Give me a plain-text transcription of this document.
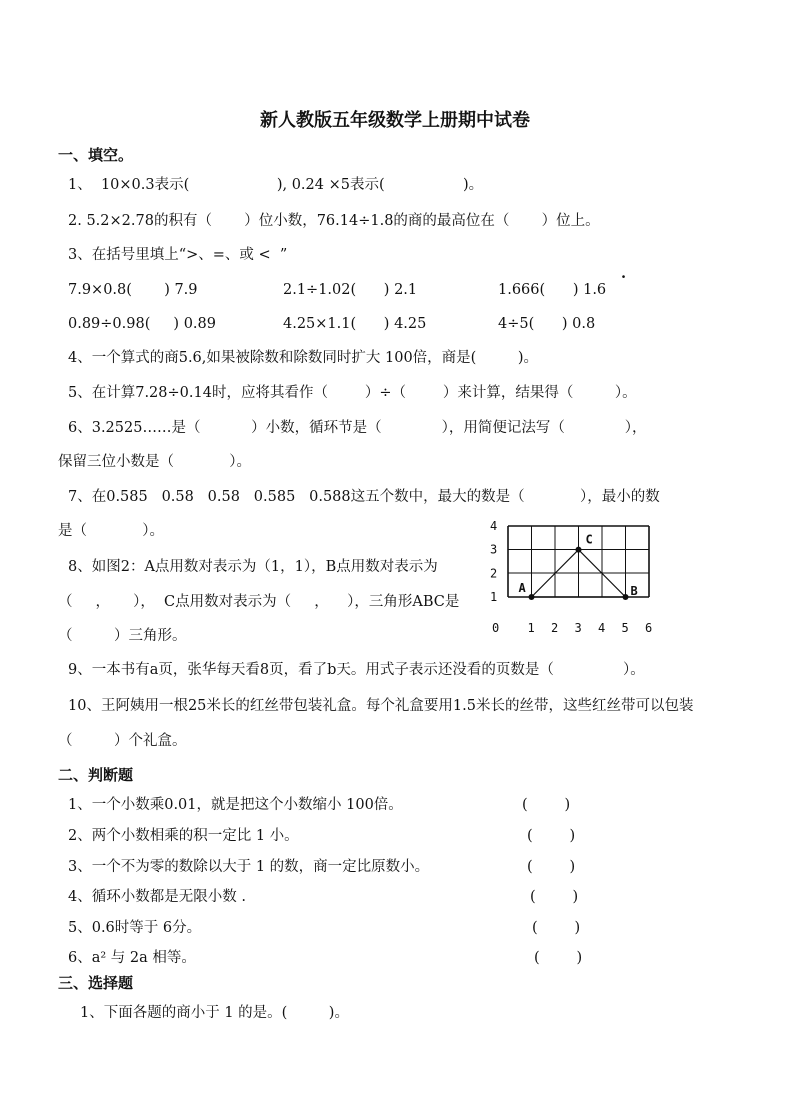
新人教版五年级数学上册期中试卷
一、填空。
1、  10×0.3表示(                   ), 0.24 ×5表示(                 )。
2. 5.2×2.78的积有（       ）位小数，76.14÷1.8的商的最高位在（       ）位上。
3、在括号里填上“>、=、或 <  ”
7.9×0.8(       ) 7.9	2.1÷1.02(      ) 2.1	1.666(      ) 1.6
·
0.89÷0.98(     ) 0.89	4.25×1.1(      ) 4.25	4÷5(      ) 0.8
4、一个算式的商5.6,如果被除数和除数同时扩大 100倍，商是(         )。
5、在计算7.28÷0.14时，应将其看作（        ）÷（        ）来计算，结果得（         ）。
6、3.2525……是（           ）小数，循环节是（             ），用简便记法写（             ），
保留三位小数是（            ）。
7、在0.585   0.58   0.58   0.585   0.588这五个数中，最大的数是（            ），最小的数
是（            ）。
8、如图2：A点用数对表示为（1，1），B点用数对表示为
（     ，     ），  C点用数对表示为（     ，    ），三角形ABC是
（         ）三角形。	0 1 2 3 4 5 6
1
2
3
4
A
C
B
9、一本书有a页，张华每天看8页，看了b天。用式子表示还没看的页数是（               ）。
10、王阿姨用一根25米长的红丝带包装礼盒。每个礼盒要用1.5米长的丝带，这些红丝带可以包装
（         ）个礼盒。
二、判断题
1、一个小数乘0.01，就是把这个小数缩小 100倍。	(        )
2、两个小数相乘的积一定比 1 小。	(        )
3、一个不为零的数除以大于 1 的数，商一定比原数小。	(        )
4、循环小数都是无限小数 .	(        )
5、0.6时等于 6分。	(        )
6、a² 与 2a 相等。	(        )
三、选择题
1、下面各题的商小于 1 的是。(         )。
